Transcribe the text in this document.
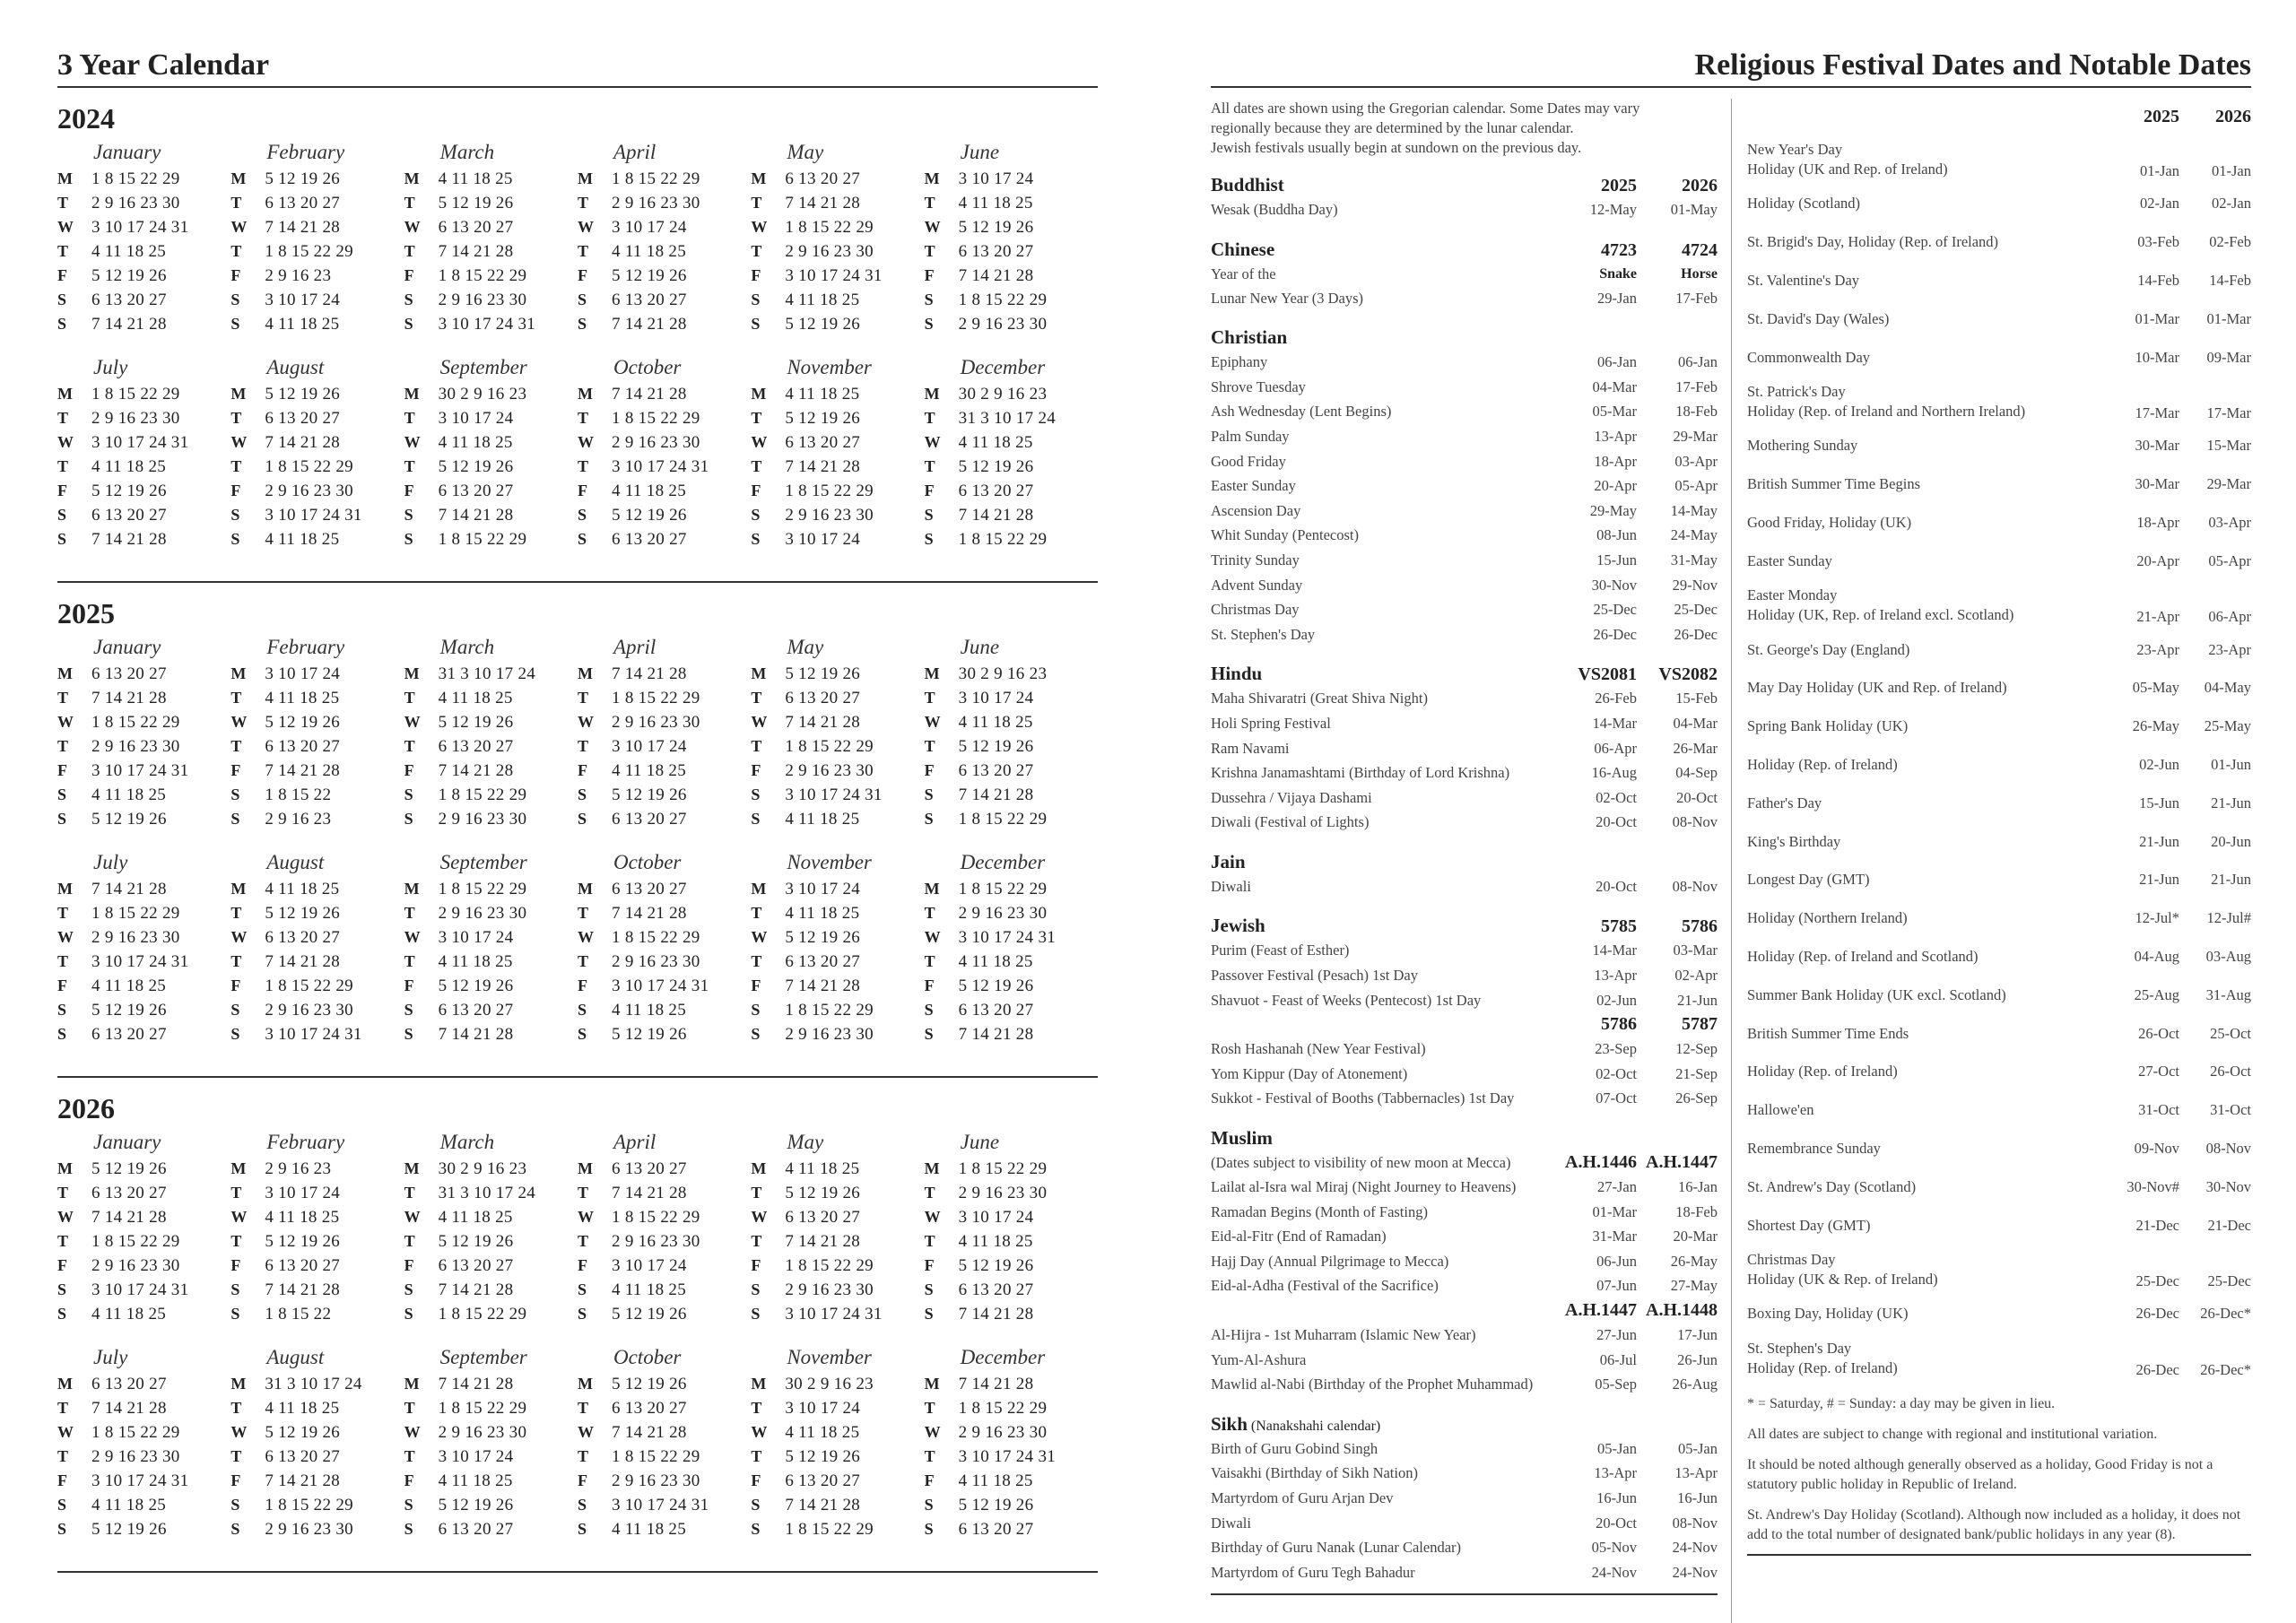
3 Year Calendar
2024
January
M	1 8 15 22 29
T	2 9 16 23 30
W	3 10 17 24 31
T	4 11 18 25
F	5 12 19 26
S	6 13 20 27
S	7 14 21 28
February
M	5 12 19 26
T	6 13 20 27
W	7 14 21 28
T	1 8 15 22 29
F	2 9 16 23
S	3 10 17 24
S	4 11 18 25
March
M	4 11 18 25
T	5 12 19 26
W	6 13 20 27
T	7 14 21 28
F	1 8 15 22 29
S	2 9 16 23 30
S	3 10 17 24 31
April
M	1 8 15 22 29
T	2 9 16 23 30
W	3 10 17 24
T	4 11 18 25
F	5 12 19 26
S	6 13 20 27
S	7 14 21 28
May
M	6 13 20 27
T	7 14 21 28
W	1 8 15 22 29
T	2 9 16 23 30
F	3 10 17 24 31
S	4 11 18 25
S	5 12 19 26
June
M	3 10 17 24
T	4 11 18 25
W	5 12 19 26
T	6 13 20 27
F	7 14 21 28
S	1 8 15 22 29
S	2 9 16 23 30
July
M	1 8 15 22 29
T	2 9 16 23 30
W	3 10 17 24 31
T	4 11 18 25
F	5 12 19 26
S	6 13 20 27
S	7 14 21 28
August
M	5 12 19 26
T	6 13 20 27
W	7 14 21 28
T	1 8 15 22 29
F	2 9 16 23 30
S	3 10 17 24 31
S	4 11 18 25
September
M	30 2 9 16 23
T	3 10 17 24
W	4 11 18 25
T	5 12 19 26
F	6 13 20 27
S	7 14 21 28
S	1 8 15 22 29
October
M	7 14 21 28
T	1 8 15 22 29
W	2 9 16 23 30
T	3 10 17 24 31
F	4 11 18 25
S	5 12 19 26
S	6 13 20 27
November
M	4 11 18 25
T	5 12 19 26
W	6 13 20 27
T	7 14 21 28
F	1 8 15 22 29
S	2 9 16 23 30
S	3 10 17 24
December
M	30 2 9 16 23
T	31 3 10 17 24
W	4 11 18 25
T	5 12 19 26
F	6 13 20 27
S	7 14 21 28
S	1 8 15 22 29
2025
January
M	6 13 20 27
T	7 14 21 28
W	1 8 15 22 29
T	2 9 16 23 30
F	3 10 17 24 31
S	4 11 18 25
S	5 12 19 26
February
M	3 10 17 24
T	4 11 18 25
W	5 12 19 26
T	6 13 20 27
F	7 14 21 28
S	1 8 15 22
S	2 9 16 23
March
M	31 3 10 17 24
T	4 11 18 25
W	5 12 19 26
T	6 13 20 27
F	7 14 21 28
S	1 8 15 22 29
S	2 9 16 23 30
April
M	7 14 21 28
T	1 8 15 22 29
W	2 9 16 23 30
T	3 10 17 24
F	4 11 18 25
S	5 12 19 26
S	6 13 20 27
May
M	5 12 19 26
T	6 13 20 27
W	7 14 21 28
T	1 8 15 22 29
F	2 9 16 23 30
S	3 10 17 24 31
S	4 11 18 25
June
M	30 2 9 16 23
T	3 10 17 24
W	4 11 18 25
T	5 12 19 26
F	6 13 20 27
S	7 14 21 28
S	1 8 15 22 29
July
M	7 14 21 28
T	1 8 15 22 29
W	2 9 16 23 30
T	3 10 17 24 31
F	4 11 18 25
S	5 12 19 26
S	6 13 20 27
August
M	4 11 18 25
T	5 12 19 26
W	6 13 20 27
T	7 14 21 28
F	1 8 15 22 29
S	2 9 16 23 30
S	3 10 17 24 31
September
M	1 8 15 22 29
T	2 9 16 23 30
W	3 10 17 24
T	4 11 18 25
F	5 12 19 26
S	6 13 20 27
S	7 14 21 28
October
M	6 13 20 27
T	7 14 21 28
W	1 8 15 22 29
T	2 9 16 23 30
F	3 10 17 24 31
S	4 11 18 25
S	5 12 19 26
November
M	3 10 17 24
T	4 11 18 25
W	5 12 19 26
T	6 13 20 27
F	7 14 21 28
S	1 8 15 22 29
S	2 9 16 23 30
December
M	1 8 15 22 29
T	2 9 16 23 30
W	3 10 17 24 31
T	4 11 18 25
F	5 12 19 26
S	6 13 20 27
S	7 14 21 28
2026
January
M	5 12 19 26
T	6 13 20 27
W	7 14 21 28
T	1 8 15 22 29
F	2 9 16 23 30
S	3 10 17 24 31
S	4 11 18 25
February
M	2 9 16 23
T	3 10 17 24
W	4 11 18 25
T	5 12 19 26
F	6 13 20 27
S	7 14 21 28
S	1 8 15 22
March
M	30 2 9 16 23
T	31 3 10 17 24
W	4 11 18 25
T	5 12 19 26
F	6 13 20 27
S	7 14 21 28
S	1 8 15 22 29
April
M	6 13 20 27
T	7 14 21 28
W	1 8 15 22 29
T	2 9 16 23 30
F	3 10 17 24
S	4 11 18 25
S	5 12 19 26
May
M	4 11 18 25
T	5 12 19 26
W	6 13 20 27
T	7 14 21 28
F	1 8 15 22 29
S	2 9 16 23 30
S	3 10 17 24 31
June
M	1 8 15 22 29
T	2 9 16 23 30
W	3 10 17 24
T	4 11 18 25
F	5 12 19 26
S	6 13 20 27
S	7 14 21 28
July
M	6 13 20 27
T	7 14 21 28
W	1 8 15 22 29
T	2 9 16 23 30
F	3 10 17 24 31
S	4 11 18 25
S	5 12 19 26
August
M	31 3 10 17 24
T	4 11 18 25
W	5 12 19 26
T	6 13 20 27
F	7 14 21 28
S	1 8 15 22 29
S	2 9 16 23 30
September
M	7 14 21 28
T	1 8 15 22 29
W	2 9 16 23 30
T	3 10 17 24
F	4 11 18 25
S	5 12 19 26
S	6 13 20 27
October
M	5 12 19 26
T	6 13 20 27
W	7 14 21 28
T	1 8 15 22 29
F	2 9 16 23 30
S	3 10 17 24 31
S	4 11 18 25
November
M	30 2 9 16 23
T	3 10 17 24
W	4 11 18 25
T	5 12 19 26
F	6 13 20 27
S	7 14 21 28
S	1 8 15 22 29
December
M	7 14 21 28
T	1 8 15 22 29
W	2 9 16 23 30
T	3 10 17 24 31
F	4 11 18 25
S	5 12 19 26
S	6 13 20 27
Religious Festival Dates and Notable Dates
All dates are shown using the Gregorian calendar. Some Dates may vary
regionally because they are determined by the lunar calendar.
Jewish festivals usually begin at sundown on the previous day.
Buddhist	2025	2026
Wesak (Buddha Day)	12-May	01-May
Chinese	4723	4724
Year of the	Snake	Horse
Lunar New Year (3 Days)	29-Jan	17-Feb
Christian
Epiphany	06-Jan	06-Jan
Shrove Tuesday	04-Mar	17-Feb
Ash Wednesday (Lent Begins)	05-Mar	18-Feb
Palm Sunday	13-Apr	29-Mar
Good Friday	18-Apr	03-Apr
Easter Sunday	20-Apr	05-Apr
Ascension Day	29-May	14-May
Whit Sunday (Pentecost)	08-Jun	24-May
Trinity Sunday	15-Jun	31-May
Advent Sunday	30-Nov	29-Nov
Christmas Day	25-Dec	25-Dec
St. Stephen's Day	26-Dec	26-Dec
Hindu	VS2081	VS2082
Maha Shivaratri (Great Shiva Night)	26-Feb	15-Feb
Holi Spring Festival	14-Mar	04-Mar
Ram Navami	06-Apr	26-Mar
Krishna Janamashtami (Birthday of Lord Krishna)	16-Aug	04-Sep
Dussehra / Vijaya Dashami	02-Oct	20-Oct
Diwali (Festival of Lights)	20-Oct	08-Nov
Jain
Diwali	20-Oct	08-Nov
Jewish	5785	5786
Purim (Feast of Esther)	14-Mar	03-Mar
Passover Festival (Pesach) 1st Day	13-Apr	02-Apr
Shavuot - Feast of Weeks (Pentecost) 1st Day	02-Jun	21-Jun
5786	5787
Rosh Hashanah (New Year Festival)	23-Sep	12-Sep
Yom Kippur (Day of Atonement)	02-Oct	21-Sep
Sukkot - Festival of Booths (Tabbernacles) 1st Day	07-Oct	26-Sep
Muslim
(Dates subject to visibility of new moon at Mecca)	A.H.1446 A.H.1447
Lailat al-Isra wal Miraj (Night Journey to Heavens)	27-Jan	16-Jan
Ramadan Begins (Month of Fasting)	01-Mar	18-Feb
Eid-al-Fitr (End of Ramadan)	31-Mar	20-Mar
Hajj Day (Annual Pilgrimage to Mecca)	06-Jun	26-May
Eid-al-Adha (Festival of the Sacrifice)	07-Jun	27-May
A.H.1447 A.H.1448
Al-Hijra - 1st Muharram (Islamic New Year)	27-Jun	17-Jun
Yum-Al-Ashura	06-Jul	26-Jun
Mawlid al-Nabi (Birthday of the Prophet Muhammad)	05-Sep	26-Aug
Sikh (Nanakshahi calendar)
Birth of Guru Gobind Singh	05-Jan	05-Jan
Vaisakhi (Birthday of Sikh Nation)	13-Apr	13-Apr
Martyrdom of Guru Arjan Dev	16-Jun	16-Jun
Diwali	20-Oct	08-Nov
Birthday of Guru Nanak (Lunar Calendar)	05-Nov	24-Nov
Martyrdom of Guru Tegh Bahadur	24-Nov	24-Nov
2025	2026
New Year's Day
Holiday (UK and Rep. of Ireland)	01-Jan	01-Jan
Holiday (Scotland)	02-Jan	02-Jan
St. Brigid's Day, Holiday (Rep. of Ireland)	03-Feb	02-Feb
St. Valentine's Day	14-Feb	14-Feb
St. David's Day (Wales)	01-Mar	01-Mar
Commonwealth Day	10-Mar	09-Mar
St. Patrick's Day
Holiday (Rep. of Ireland and Northern Ireland)	17-Mar	17-Mar
Mothering Sunday	30-Mar	15-Mar
British Summer Time Begins	30-Mar	29-Mar
Good Friday, Holiday (UK)	18-Apr	03-Apr
Easter Sunday	20-Apr	05-Apr
Easter Monday
Holiday (UK, Rep. of Ireland excl. Scotland)	21-Apr	06-Apr
St. George's Day (England)	23-Apr	23-Apr
May Day Holiday (UK and Rep. of Ireland)	05-May	04-May
Spring Bank Holiday (UK)	26-May	25-May
Holiday (Rep. of Ireland)	02-Jun	01-Jun
Father's Day	15-Jun	21-Jun
King's Birthday	21-Jun	20-Jun
Longest Day (GMT)	21-Jun	21-Jun
Holiday (Northern Ireland)	12-Jul*	12-Jul#
Holiday (Rep. of Ireland and Scotland)	04-Aug	03-Aug
Summer Bank Holiday (UK excl. Scotland)	25-Aug	31-Aug
British Summer Time Ends	26-Oct	25-Oct
Holiday (Rep. of Ireland)	27-Oct	26-Oct
Hallowe'en	31-Oct	31-Oct
Remembrance Sunday	09-Nov	08-Nov
St. Andrew's Day (Scotland)	30-Nov#	30-Nov
Shortest Day (GMT)	21-Dec	21-Dec
Christmas Day
Holiday (UK & Rep. of Ireland)	25-Dec	25-Dec
Boxing Day, Holiday (UK)	26-Dec	26-Dec*
St. Stephen's Day
Holiday (Rep. of Ireland)	26-Dec	26-Dec*
* = Saturday, # = Sunday: a day may be given in lieu.
All dates are subject to change with regional and institutional variation.
It should be noted although generally observed as a holiday, Good Friday is not a statutory public holiday in Republic of Ireland.
St. Andrew's Day Holiday (Scotland). Although now included as a holiday, it does not add to the total number of designated bank/public holidays in any year (8).
